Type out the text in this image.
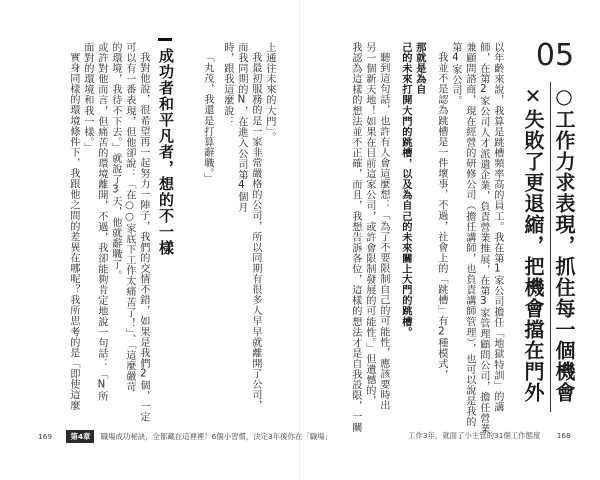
05
○工作力求表現，抓住每一個機會
✕失敗了更退縮，把機會擋在門外
以年齡來說，我算是跳槽頻率高的員工。我在第1家公司擔任「地獄特訓」的講
師，在第2家公司人才派遣企業，負責營業推展，在第3家管理顧問公司，擔任營業
兼顧問諮商，現在經營的研修公司（擔任講師，也負責講師管理），也可以說是我的
第4家公司。
我並不是認為跳槽是一件壞事，不過，社會上的「跳槽」有2種模式，
那就是為自
己的未來打開大門的跳槽，以及為自己的未來關上大門的跳槽。
聽到這句話，也許有人會這麼想：「為了不要限制自己的可能性，應該要時出
另一個新天地！如果在目前這家公司，或許會限制發展的可能性。」但遺憾的，
我認為這樣的想法並不正確，而且，我想告訴各位，這樣的想法才是自我設限，一關
工作3年，就面了小主管的31個工作態度 168
上通往未來的大門」。
我最初服務的是一家非常嚴格的公司，所以同期有很多人早早就離開了公司，
而我同期的N，在進入公司第4個月
時，跟我這麼說：
「丸茂，我還是打算辭職。」
成功者和平凡者，想的不一樣
我對他說，很希望再一起努力一陣子，我們的交情不錯，如果是我們2個，一定
可以有一番表現，但他卻說：「在○○家底下工作太痛苦了！」、「這麼嚴苛
的環境，我待不下去。」就說了3天，他就辭職了。
或許對他而言，但痛苦的環境離開，不過，我卻能夠肯定地說一句話：「N所
面對的環境和我一樣。」
實身同樣的環境條件下，我跟他之間的差異在哪呢？我所思考的是「即使這麼
169 第4章 職場成功秘訣，全都藏在這裡裡！6個小習慣，決定3年後你在「職場」
